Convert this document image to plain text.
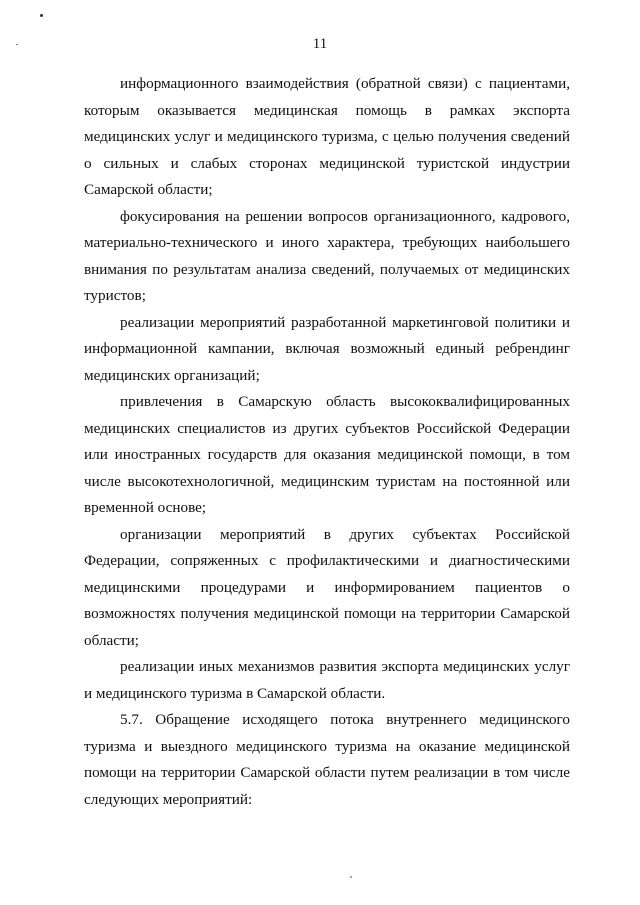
11
информационного взаимодействия (обратной связи) с пациентами,
которым оказывается медицинская помощь в рамках экспорта
медицинских услуг и медицинского туризма, с целью получения сведений
о сильных и слабых сторонах медицинской туристской индустрии
Самарской области;
фокусирования на решении вопросов организационного, кадрового,
материально-технического и иного характера, требующих наибольшего
внимания по результатам анализа сведений, получаемых от медицинских
туристов;
реализации мероприятий разработанной маркетинговой политики и
информационной кампании, включая возможный единый ребрендинг
медицинских организаций;
привлечения в Самарскую область высококвалифицированных
медицинских специалистов из других субъектов Российской Федерации
или иностранных государств для оказания медицинской помощи, в том
числе высокотехнологичной, медицинским туристам на постоянной или
временной основе;
организации мероприятий в других субъектах Российской
Федерации, сопряженных с профилактическими и диагностическими
медицинскими процедурами и информированием пациентов о
возможностях получения медицинской помощи на территории Самарской
области;
реализации иных механизмов развития экспорта медицинских услуг
и медицинского туризма в Самарской области.
5.7. Обращение исходящего потока внутреннего медицинского
туризма и выездного медицинского туризма на оказание медицинской
помощи на территории Самарской области путем реализации в том числе
следующих мероприятий:
